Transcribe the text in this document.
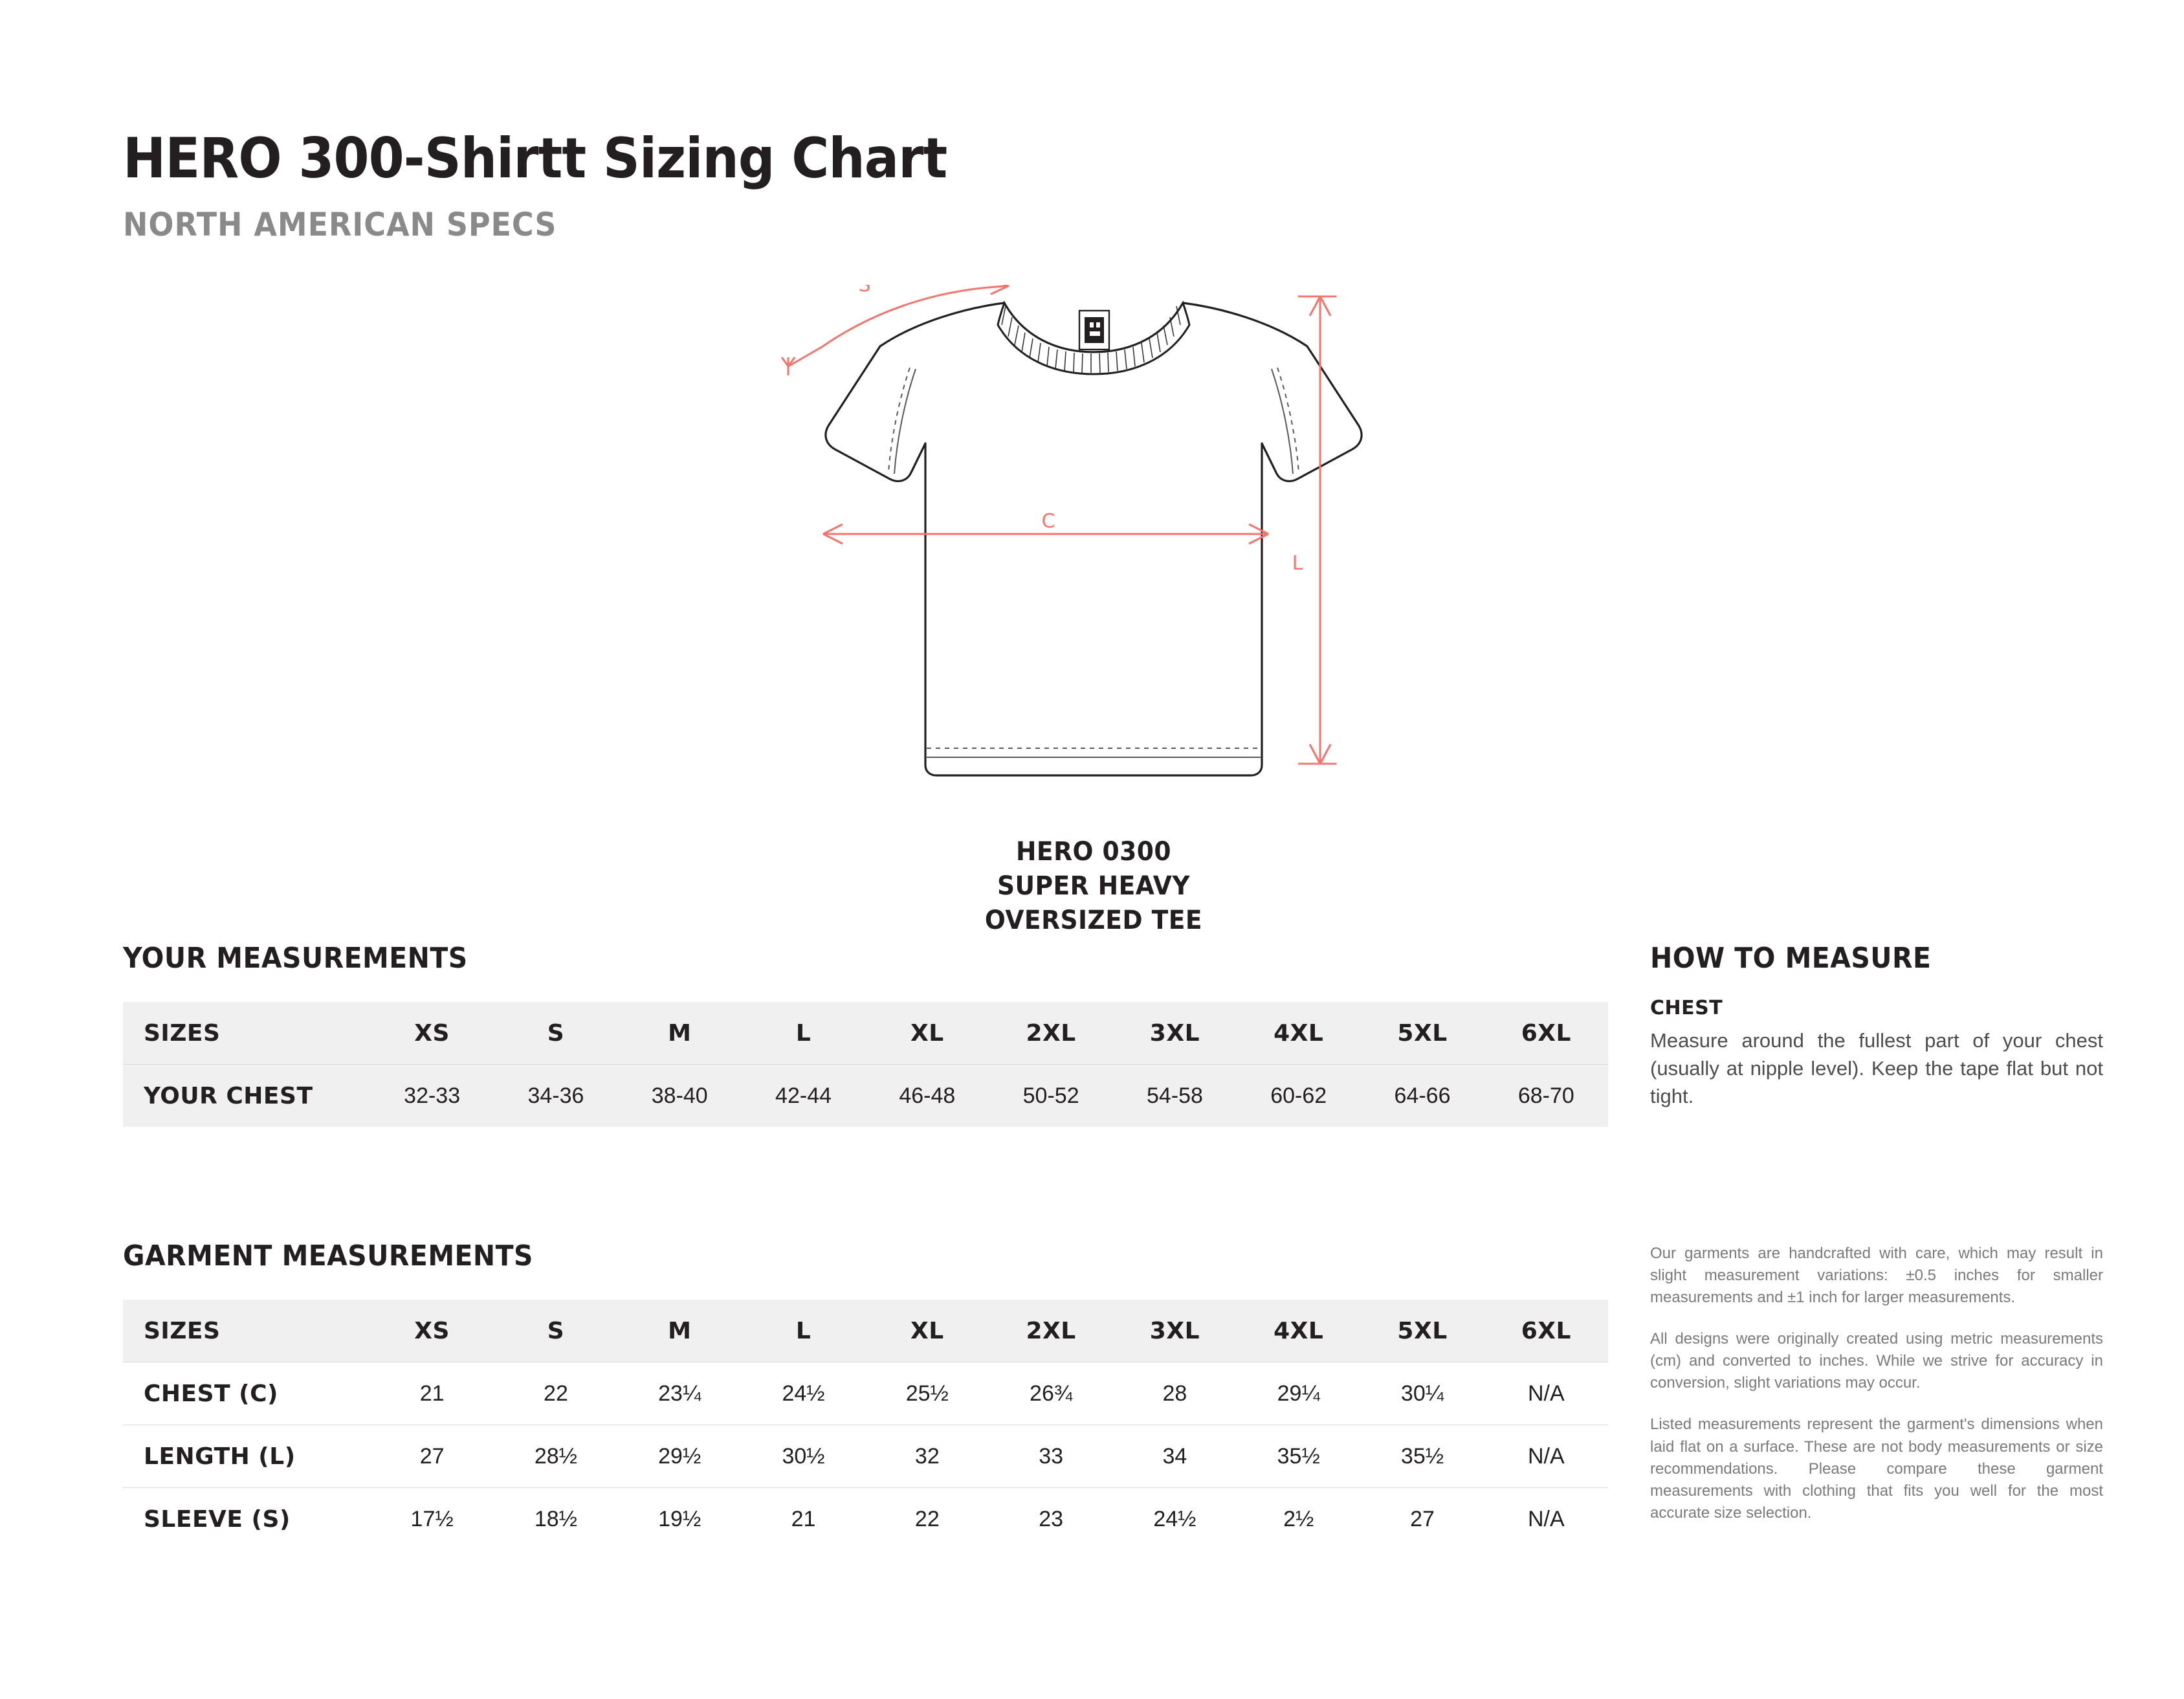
HERO 300-Shirtt Sizing Chart
NORTH AMERICAN SPECS
S
C
L
HERO 0300
SUPER HEAVY
OVERSIZED TEE
YOUR MEASUREMENTS
SIZES	XS	S	M	L	XL	2XL	3XL	4XL	5XL	6XL
YOUR CHEST	32-33	34-36	38-40	42-44	46-48	50-52	54-58	60-62	64-66	68-70
GARMENT MEASUREMENTS
SIZES	XS	S	M	L	XL	2XL	3XL	4XL	5XL	6XL
CHEST (C)	21	22	23¼	24½	25½	26¾	28	29¼	30¼	N/A
LENGTH (L)	27	28½	29½	30½	32	33	34	35½	35½	N/A
SLEEVE (S)	17½	18½	19½	21	22	23	24½	2½	27	N/A
HOW TO MEASURE
CHEST
Measure around the fullest part of your chest (usually at nipple level). Keep the tape flat but not tight.

Our garments are handcrafted with care, which may result in slight measurement variations: ±0.5 inches for smaller measurements and ±1 inch for larger measurements.

All designs were originally created using metric measurements (cm) and converted to inches. While we strive for accuracy in conversion, slight variations may occur.

Listed measurements represent the garment's dimensions when laid flat on a surface. These are not body measurements or size recommendations. Please compare these garment measurements with clothing that fits you well for the most accurate size selection.
